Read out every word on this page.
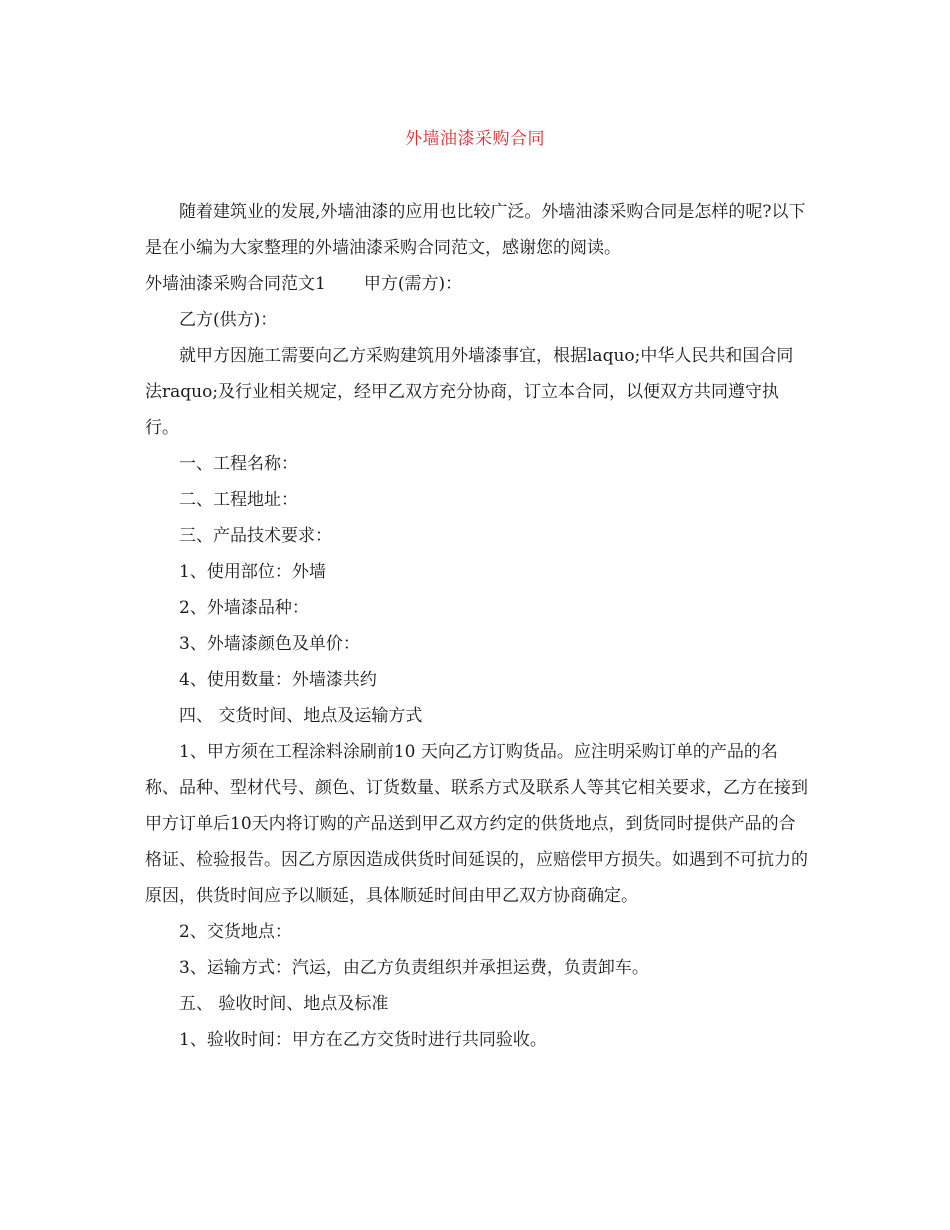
外墙油漆采购合同

随着建筑业的发展,外墙油漆的应用也比较广泛。外墙油漆采购合同是怎样的呢?以下是在小编为大家整理的外墙油漆采购合同范文，感谢您的阅读。

外墙油漆采购合同范文1 甲方(需方)：

乙方(供方)：

就甲方因施工需要向乙方采购建筑用外墙漆事宜，根据laquo;中华人民共和国合同法raquo;及行业相关规定，经甲乙双方充分协商，订立本合同，以便双方共同遵守执行。

一、工程名称：

二、工程地址：

三、产品技术要求：

1、使用部位：外墙

2、外墙漆品种：

3、外墙漆颜色及单价：

4、使用数量：外墙漆共约

四、 交货时间、地点及运输方式

1、甲方须在工程涂料涂刷前10 天向乙方订购货品。应注明采购订单的产品的名称、品种、型材代号、颜色、订货数量、联系方式及联系人等其它相关要求，乙方在接到甲方订单后10天内将订购的产品送到甲乙双方约定的供货地点，到货同时提供产品的合格证、检验报告。因乙方原因造成供货时间延误的，应赔偿甲方损失。如遇到不可抗力的原因，供货时间应予以顺延，具体顺延时间由甲乙双方协商确定。

2、交货地点：

3、运输方式：汽运，由乙方负责组织并承担运费，负责卸车。

五、 验收时间、地点及标准

1、验收时间：甲方在乙方交货时进行共同验收。
